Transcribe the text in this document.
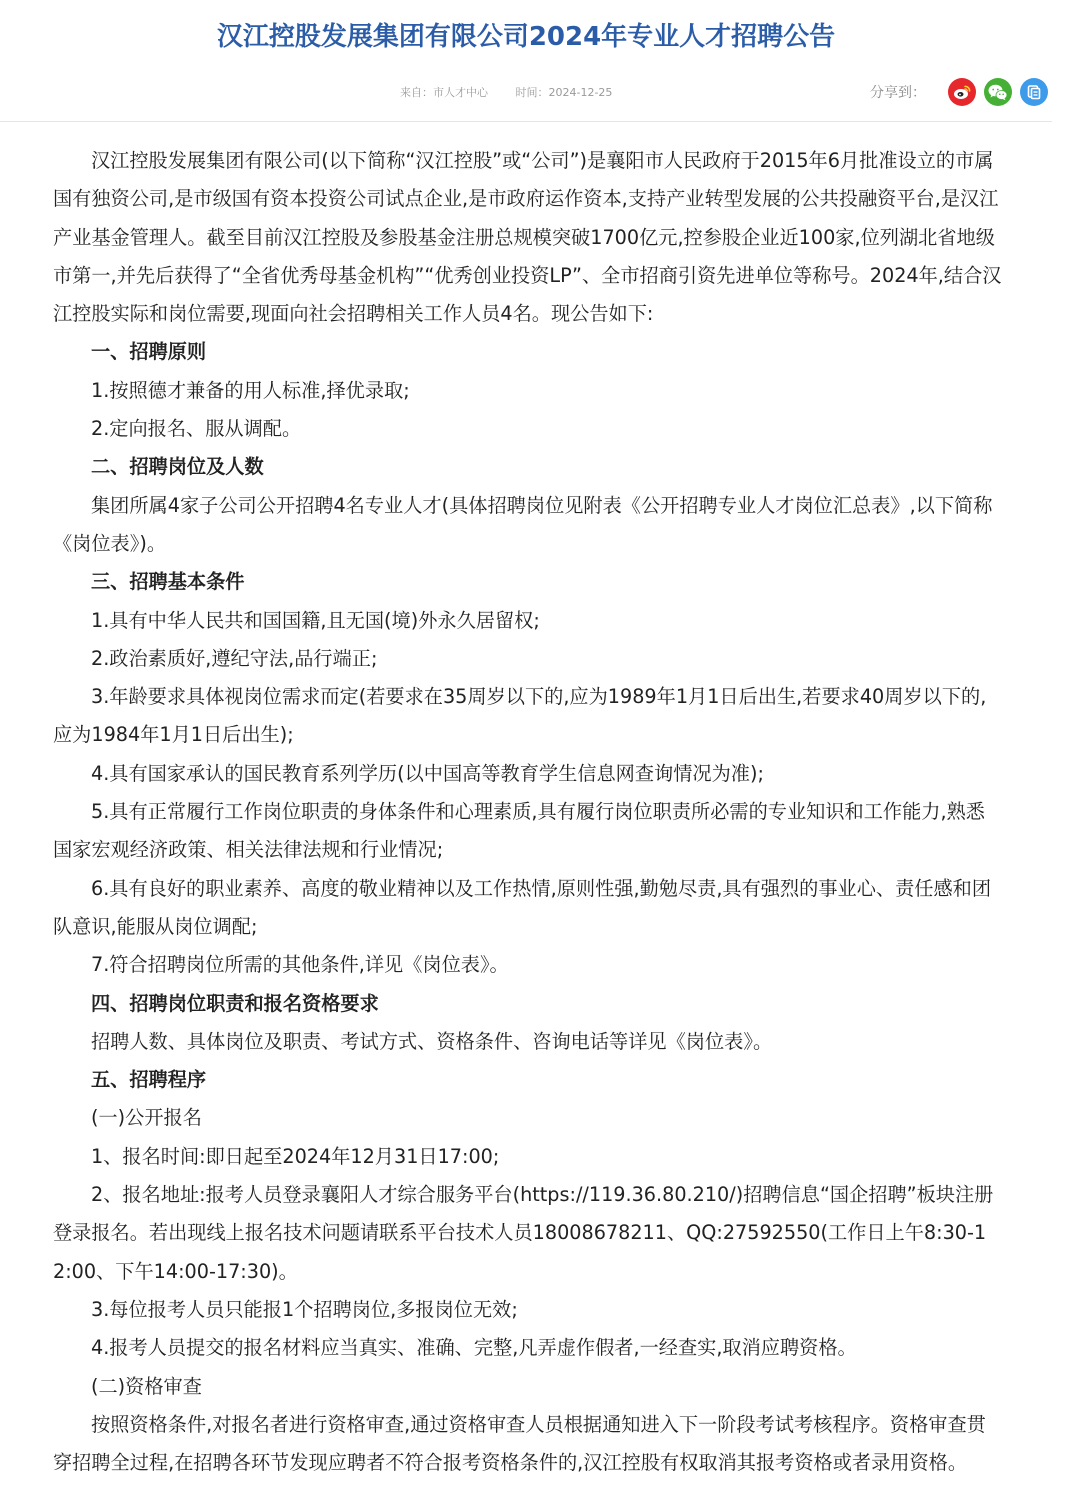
汉江控股发展集团有限公司2024年专业人才招聘公告
来自：市人才中心	时间：2024-12-25	分享到：

汉江控股发展集团有限公司(以下简称“汉江控股”或“公司”)是襄阳市人民政府于2015年6月批准设立的市属国有独资公司,是市级国有资本投资公司试点企业,是市政府运作资本,支持产业转型发展的公共投融资平台,是汉江产业基金管理人。截至目前汉江控股及参股基金注册总规模突破1700亿元,控参股企业近100家,位列湖北省地级市第一,并先后获得了“全省优秀母基金机构”“优秀创业投资LP”、全市招商引资先进单位等称号。2024年,结合汉江控股实际和岗位需要,现面向社会招聘相关工作人员4名。现公告如下:

一、招聘原则

1.按照德才兼备的用人标准,择优录取;

2.定向报名、服从调配。

二、招聘岗位及人数

集团所属4家子公司公开招聘4名专业人才(具体招聘岗位见附表《公开招聘专业人才岗位汇总表》,以下简称《岗位表》)。

三、招聘基本条件

1.具有中华人民共和国国籍,且无国(境)外永久居留权;

2.政治素质好,遵纪守法,品行端正;

3.年龄要求具体视岗位需求而定(若要求在35周岁以下的,应为1989年1月1日后出生,若要求40周岁以下的,应为1984年1月1日后出生);

4.具有国家承认的国民教育系列学历(以中国高等教育学生信息网查询情况为准);

5.具有正常履行工作岗位职责的身体条件和心理素质,具有履行岗位职责所必需的专业知识和工作能力,熟悉国家宏观经济政策、相关法律法规和行业情况;

6.具有良好的职业素养、高度的敬业精神以及工作热情,原则性强,勤勉尽责,具有强烈的事业心、责任感和团队意识,能服从岗位调配;

7.符合招聘岗位所需的其他条件,详见《岗位表》。

四、招聘岗位职责和报名资格要求

招聘人数、具体岗位及职责、考试方式、资格条件、咨询电话等详见《岗位表》。

五、招聘程序

(一)公开报名

1、报名时间:即日起至2024年12月31日17:00;

2、报名地址:报考人员登录襄阳人才综合服务平台(https://119.36.80.210/)招聘信息“国企招聘”板块注册登录报名。若出现线上报名技术问题请联系平台技术人员18008678211、QQ:27592550(工作日上午8:30-12:00、下午14:00-17:30)。

3.每位报考人员只能报1个招聘岗位,多报岗位无效;

4.报考人员提交的报名材料应当真实、准确、完整,凡弄虚作假者,一经查实,取消应聘资格。

(二)资格审查

按照资格条件,对报名者进行资格审查,通过资格审查人员根据通知进入下一阶段考试考核程序。资格审查贯穿招聘全过程,在招聘各环节发现应聘者不符合报考资格条件的,汉江控股有权取消其报考资格或者录用资格。
